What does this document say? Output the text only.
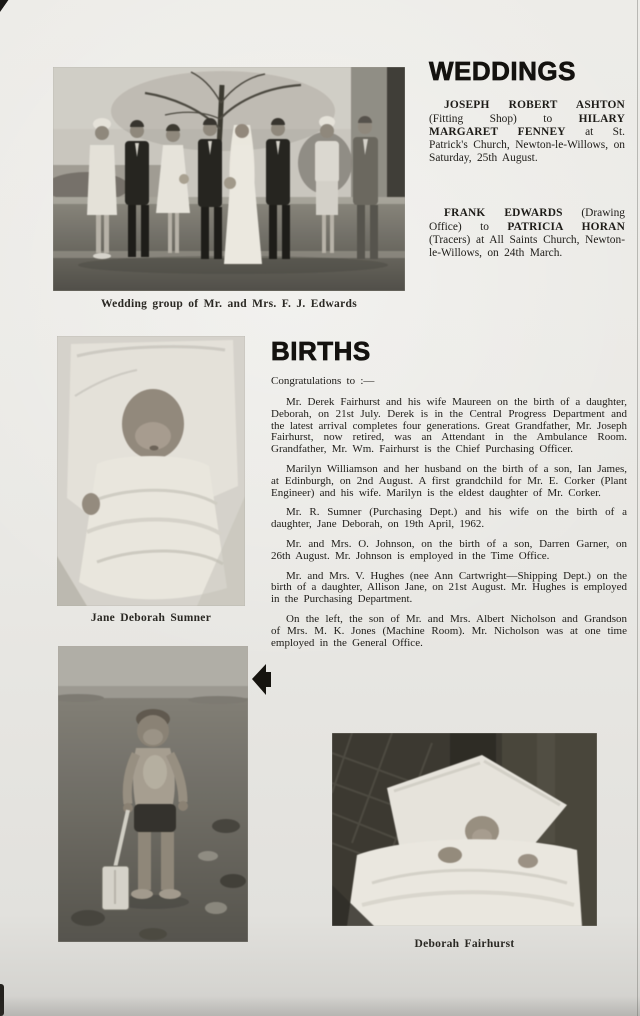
Wedding group of Mr. and Mrs. F. J. Edwards
WEDDINGS

JOSEPH ROBERT ASHTON (Fitting Shop) to HILARY MARGARET FENNEY at St. Patrick's Church, Newton-le-Willows, on Saturday, 25th August.

FRANK EDWARDS (Drawing Office) to PATRICIA HORAN (Tracers) at All Saints Church, Newton-le-Willows, on 24th March.

Jane Deborah Sumner
BIRTHS

Congratulations to :—

Mr. Derek Fairhurst and his wife Maureen on the birth of a daughter, Deborah, on 21st July. Derek is in the Central Progress Department and the latest arrival completes four generations. Great Grandfather, Mr. Joseph Fairhurst, now retired, was an Attendant in the Ambulance Room. Grandfather, Mr. Wm. Fairhurst is the Chief Purchasing Officer.

Marilyn Williamson and her husband on the birth of a son, Ian James, at Edinburgh, on 2nd August. A first grandchild for Mr. E. Corker (Plant Engineer) and his wife. Marilyn is the eldest daughter of Mr. Corker.

Mr. R. Sumner (Purchasing Dept.) and his wife on the birth of a daughter, Jane Deborah, on 19th April, 1962.

Mr. and Mrs. O. Johnson, on the birth of a son, Darren Garner, on 26th August. Mr. Johnson is employed in the Time Office.

Mr. and Mrs. V. Hughes (nee Ann Cartwright—Shipping Dept.) on the birth of a daughter, Allison Jane, on 21st August. Mr. Hughes is employed in the Purchasing Department.

On the left, the son of Mr. and Mrs. Albert Nicholson and Grandson of Mrs. M. K. Jones (Machine Room). Mr. Nicholson was at one time employed in the General Office.

Deborah Fairhurst
